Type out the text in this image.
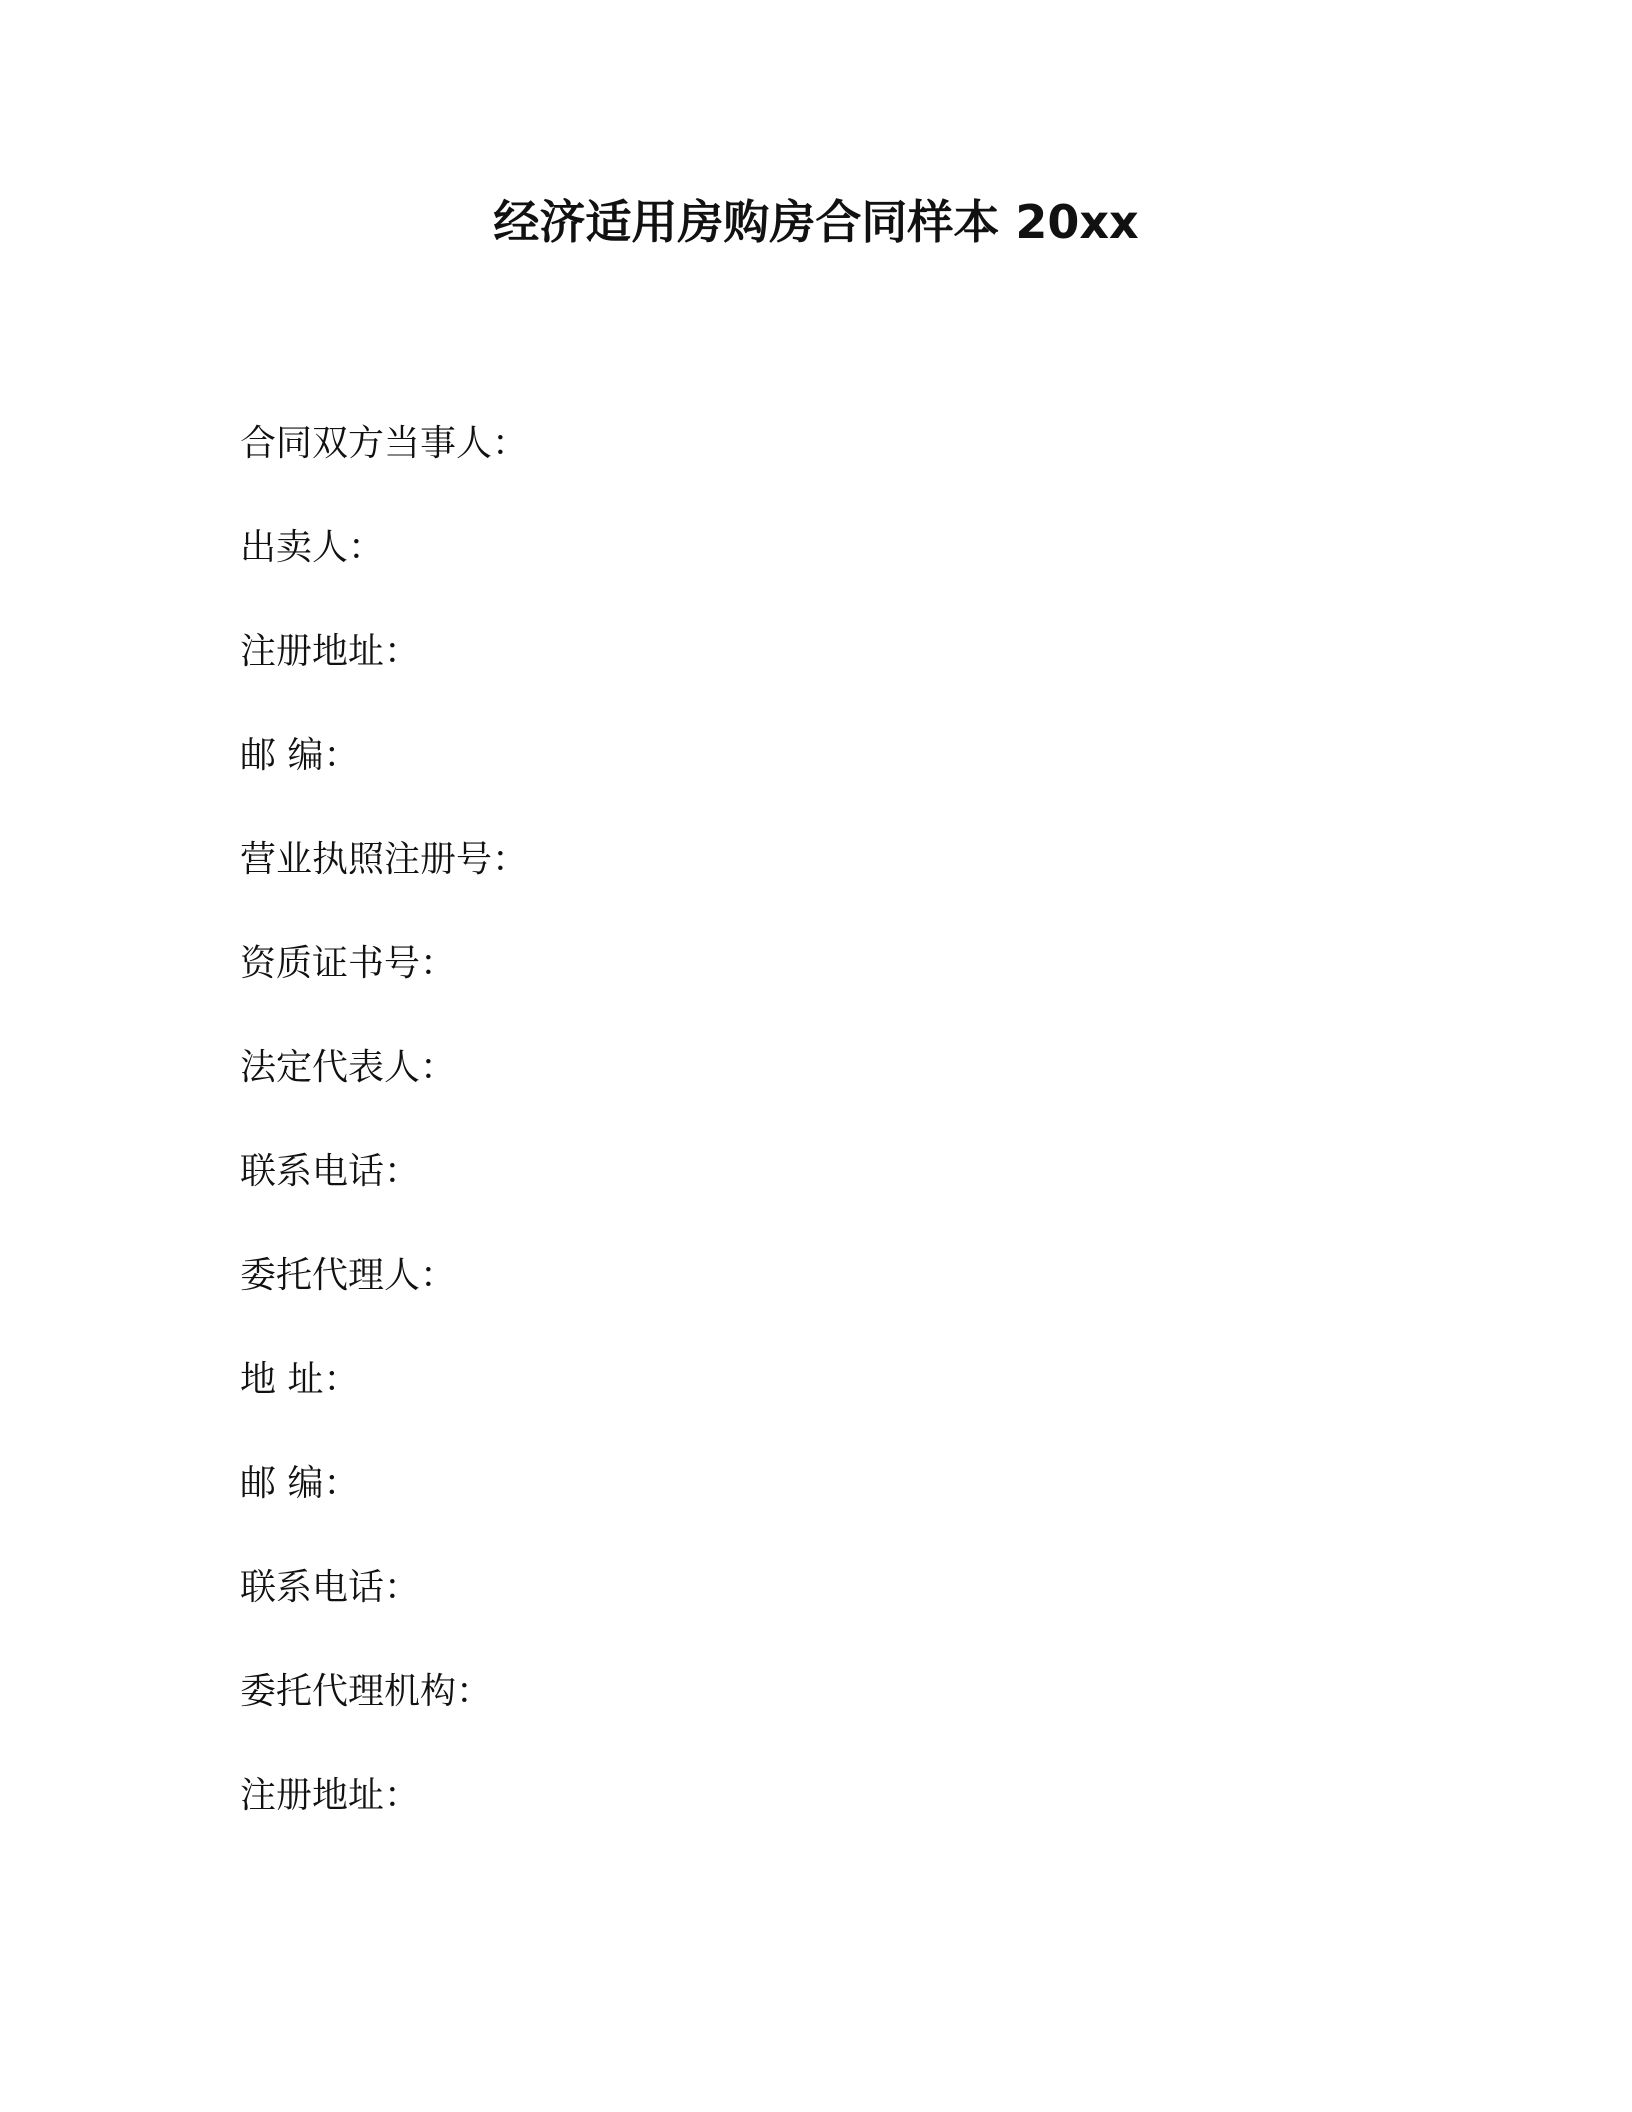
经济适用房购房合同样本 20xx
合同双方当事人：
出卖人：
注册地址：
邮 编：
营业执照注册号：
资质证书号：
法定代表人：
联系电话：
委托代理人：
地 址：
邮 编：
联系电话：
委托代理机构：
注册地址：
